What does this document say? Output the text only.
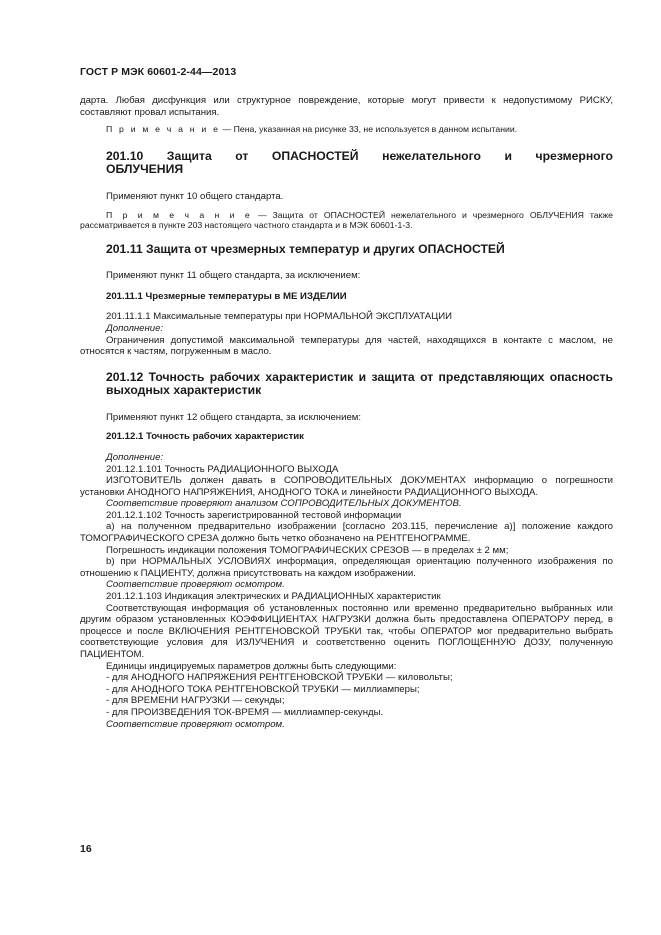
ГОСТ Р МЭК 60601-2-44—2013

дарта. Любая дисфункция или структурное повреждение, которые могут привести к недопустимому РИСКУ, составляют провал испытания.

П р и м е ч а н и е — Пена, указанная на рисунке 33, не используется в данном испытании.

201.10 Защита от ОПАСНОСТЕЙ нежелательного и чрезмерного ОБЛУЧЕНИЯ

Применяют пункт 10 общего стандарта.

П р и м е ч а н и е — Защита от ОПАСНОСТЕЙ нежелательного и чрезмерного ОБЛУЧЕНИЯ также рассматривается в пункте 203 настоящего частного стандарта и в МЭК 60601-1-3.

201.11 Защита от чрезмерных температур и других ОПАСНОСТЕЙ

Применяют пункт 11 общего стандарта, за исключением:

201.11.1 Чрезмерные температуры в МЕ ИЗДЕЛИИ

201.11.1.1 Максимальные температуры при НОРМАЛЬНОЙ ЭКСПЛУАТАЦИИ

Дополнение:

Ограничения допустимой максимальной температуры для частей, находящихся в контакте с маслом, не относятся к частям, погруженным в масло.

201.12 Точность рабочих характеристик и защита от представляющих опасность выходных характеристик

Применяют пункт 12 общего стандарта, за исключением:

201.12.1 Точность рабочих характеристик

Дополнение:

201.12.1.101 Точность РАДИАЦИОННОГО ВЫХОДА

ИЗГОТОВИТЕЛЬ должен давать в СОПРОВОДИТЕЛЬНЫХ ДОКУМЕНТАХ информацию о погрешности установки АНОДНОГО НАПРЯЖЕНИЯ, АНОДНОГО ТОКА и линейности РАДИАЦИОННОГО ВЫХОДА.

Соответствие проверяют анализом СОПРОВОДИТЕЛЬНЫХ ДОКУМЕНТОВ.

201.12.1.102 Точность зарегистрированной тестовой информации

а) на полученном предварительно изображении [согласно 203.115, перечисление а)] положение каждого ТОМОГРАФИЧЕСКОГО СРЕЗА должно быть четко обозначено на РЕНТГЕНОГРАММЕ.

Погрешность индикации положения ТОМОГРАФИЧЕСКИХ СРЕЗОВ — в пределах ± 2 мм;

b) при НОРМАЛЬНЫХ УСЛОВИЯХ информация, определяющая ориентацию полученного изображения по отношению к ПАЦИЕНТУ, должна присутствовать на каждом изображении.

Соответствие проверяют осмотром.

201.12.1.103 Индикация электрических и РАДИАЦИОННЫХ характеристик

Соответствующая информация об установленных постоянно или временно предварительно выбранных или другим образом установленных КОЭФФИЦИЕНТАХ НАГРУЗКИ должна быть предоставлена ОПЕРАТОРУ перед, в процессе и после ВКЛЮЧЕНИЯ РЕНТГЕНОВСКОЙ ТРУБКИ так, чтобы ОПЕРАТОР мог предварительно выбрать соответствующие условия для ИЗЛУЧЕНИЯ и соответственно оценить ПОГЛОЩЕННУЮ ДОЗУ, полученную ПАЦИЕНТОМ.

Единицы индицируемых параметров должны быть следующими:

- для АНОДНОГО НАПРЯЖЕНИЯ РЕНТГЕНОВСКОЙ ТРУБКИ — киловольты;

- для АНОДНОГО ТОКА РЕНТГЕНОВСКОЙ ТРУБКИ — миллиамперы;

- для ВРЕМЕНИ НАГРУЗКИ — секунды;

- для ПРОИЗВЕДЕНИЯ ТОК-ВРЕМЯ — миллиампер-секунды.

Соответствие проверяют осмотром.

16
